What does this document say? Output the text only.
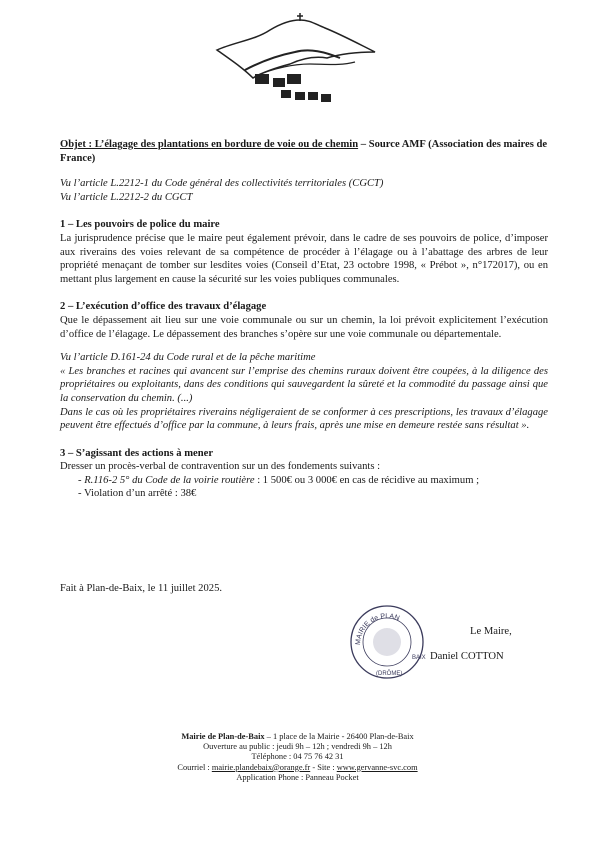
Objet : L’élagage des plantations en bordure de voie ou de chemin – Source AMF (Association des maires de France)
Vu l’article L.2212-1 du Code général des collectivités territoriales (CGCT)
Vu l’article L.2212-2 du CGCT
1 – Les pouvoirs de police du maire
La jurisprudence précise que le maire peut également prévoir, dans le cadre de ses pouvoirs de police, d’imposer aux riverains des voies relevant de sa compétence de procéder à l’élagage ou à l’abattage des arbres de leur propriété menaçant de tomber sur lesdites voies (Conseil d’Etat, 23 octobre 1998, « Prébot », n°172017), ou en mettant plus largement en cause la sécurité sur les voies publiques communales.
2 – L’exécution d’office des travaux d’élagage
Que le dépassement ait lieu sur une voie communale ou sur un chemin, la loi prévoit explicitement l’exécution d’office de l’élagage. Le dépassement des branches s’opère sur une voie communale ou départementale.
Vu l’article D.161-24 du Code rural et de la pêche maritime
« Les branches et racines qui avancent sur l’emprise des chemins ruraux doivent être coupées, à la diligence des propriétaires ou exploitants, dans des conditions qui sauvegardent la sûreté et la commodité du passage ainsi que la conservation du chemin. (...)
Dans le cas où les propriétaires riverains négligeraient de se conformer à ces prescriptions, les travaux d’élagage peuvent être effectués d’office par la commune, à leurs frais, après une mise en demeure restée sans résultat ».
3 – S’agissant des actions à mener
Dresser un procès-verbal de contravention sur un des fondements suivants :
- R.116-2 5° du Code de la voirie routière : 1 500€ ou 3 000€ en cas de récidive au maximum ;
- Violation d’un arrêté : 38€
Fait à Plan-de-Baix, le 11 juillet 2025.
MAIRIE de PLAN
BAIX
(DRÔME)
Le Maire,
Daniel COTTON
Mairie de Plan-de-Baix – 1 place de la Mairie - 26400 Plan-de-Baix
Ouverture au public : jeudi 9h – 12h ; vendredi 9h – 12h
Téléphone : 04 75 76 42 31
Courriel : mairie.plandebaix@orange.fr - Site : www.gervanne-svc.com
Application Phone : Panneau Pocket
